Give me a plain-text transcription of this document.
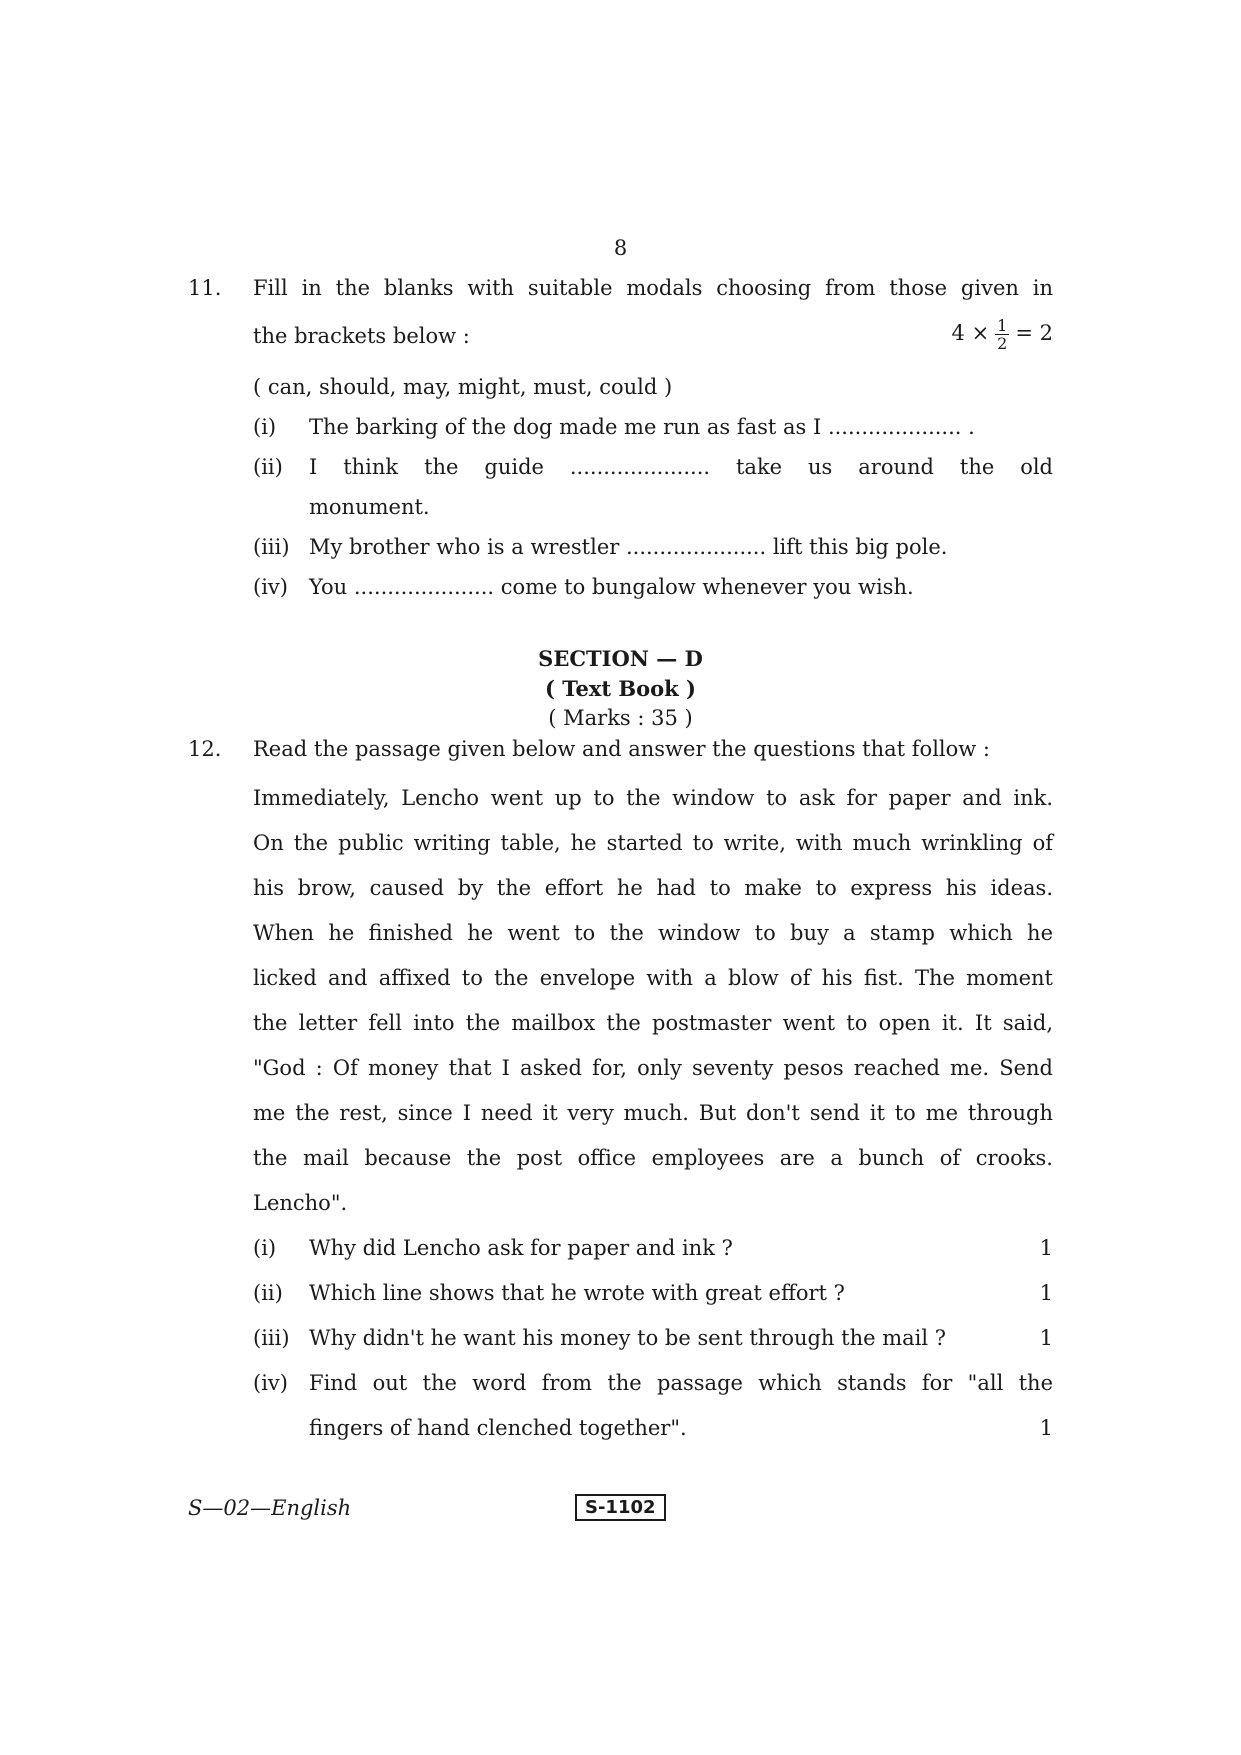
8
11. Fill in the blanks with suitable modals choosing from those given in
the brackets below :	$4 \times \frac{1}{2} = 2$
( can, should, may, might, must, could )
(i)	The barking of the dog made me run as fast as I .................... .
(ii)	I think the guide ..................... take us around the old
monument.
(iii) My brother who is a wrestler ..................... lift this big pole.
(iv)	You ..................... come to bungalow whenever you wish.
SECTION — D
( Text Book )
( Marks : 35 )
12. Read the passage given below and answer the questions that follow :
Immediately, Lencho went up to the window to ask for paper and ink.
On the public writing table, he started to write, with much wrinkling of
his brow, caused by the effort he had to make to express his ideas.
When he finished he went to the window to buy a stamp which he
licked and affixed to the envelope with a blow of his fist. The moment
the letter fell into the mailbox the postmaster went to open it. It said,
"God : Of money that I asked for, only seventy pesos reached me. Send
me the rest, since I need it very much. But don't send it to me through
the mail because the post office employees are a bunch of crooks.
Lencho".
(i)	Why did Lencho ask for paper and ink ?	1
(ii)	Which line shows that he wrote with great effort ?	1
(iii) Why didn't he want his money to be sent through the mail ?	1
(iv)	Find out the word from the passage which stands for "all the
fingers of hand clenched together".	1
S—02—English	S-1102
